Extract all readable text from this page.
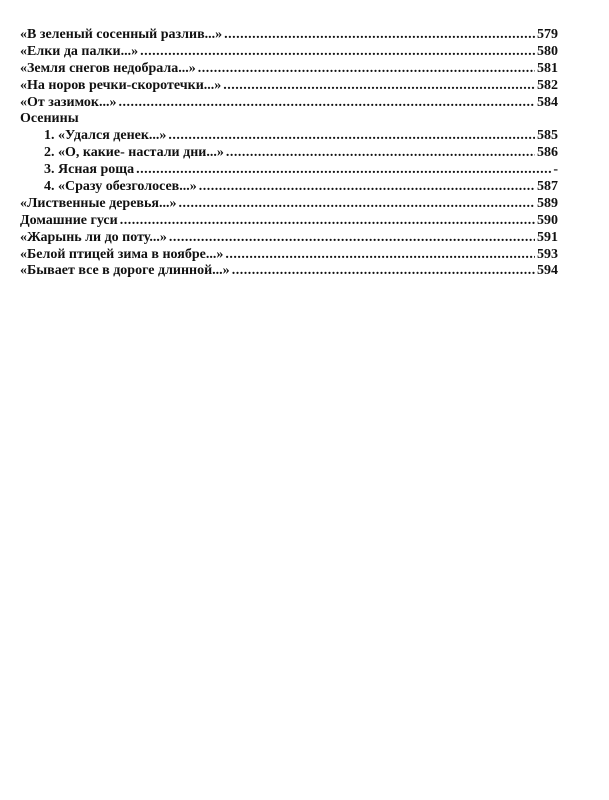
«В зеленый сосенный разлив...» .....	579
«Елки да палки...» .....	580
«Земля снегов недобрала...» .....	581
«На норов речки-скоротечки...» .....	582
«От зазимок...» .....	584
Осенины
1. «Удался денек...» .....	585
2. «О, какие- настали дни...» .....	586
3. Ясная роща .....	-
4. «Сразу обезголосев...» .....	587
«Лиственные деревья...» .....	589
Домашние гуси .....	590
«Жарынь ли до поту...» .....	591
«Белой птицей зима в ноябре...» .....	593
«Бывает все в дороге длинной...» .....	594
